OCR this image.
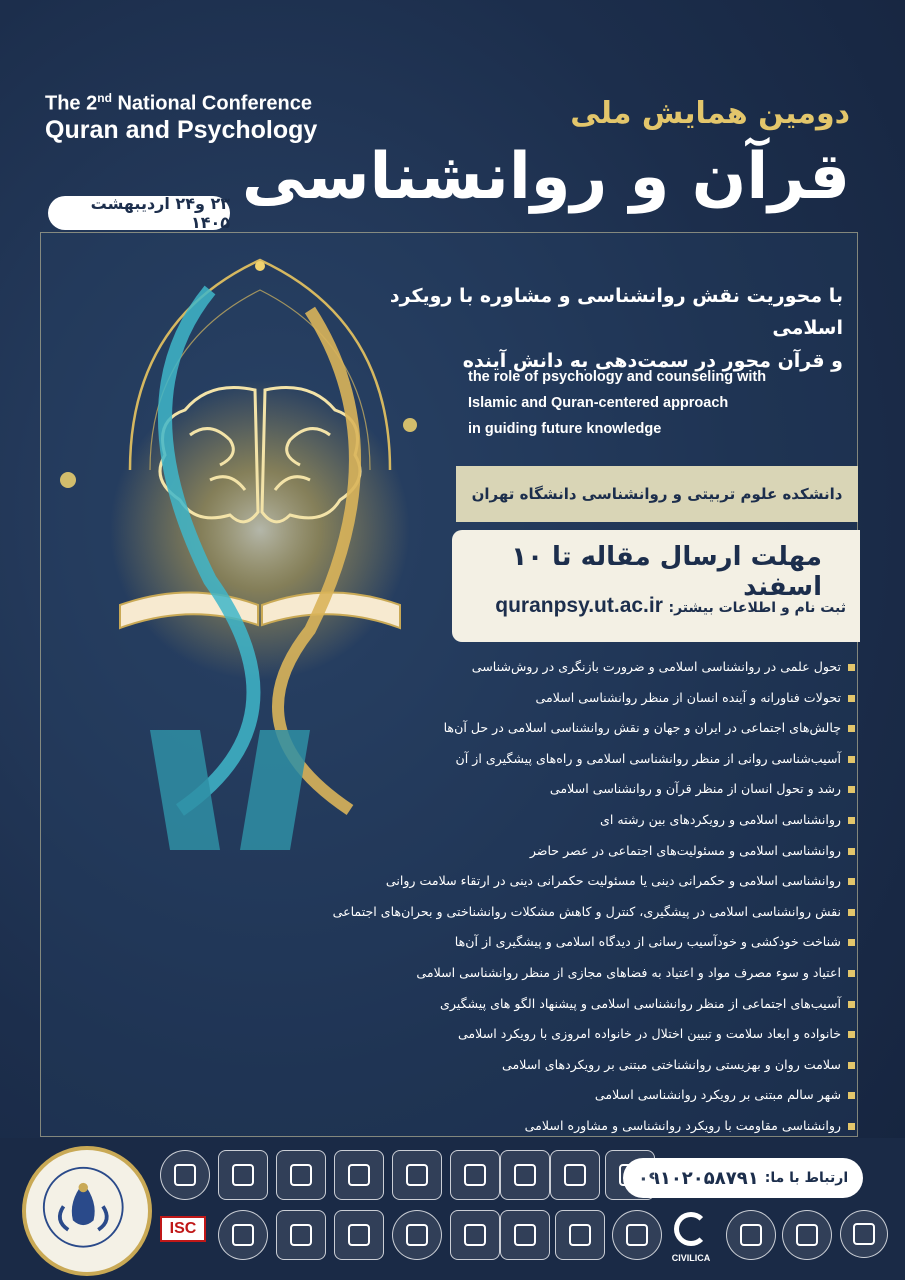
The 2nd National Conference
Quran and Psychology	دومین همایش ملی
قرآن و روانشناسی
۲۳ و۲۴ اردیبهشت ۱۴۰۵
با محوریت نقش روانشناسی و مشاوره با رویکرد اسلامی
و قرآن محور در سمت‌دهی به دانش آینده
the role of psychology and counseling with
Islamic and Quran-centered approach
in guiding future knowledge
دانشکده علوم تربیتی و روانشناسی دانشگاه تهران
مهلت ارسال مقاله تا ۱۰ اسفند
ثبت نام و اطلاعات بیشتر: quranpsy.ut.ac.ir
تحول علمی در روانشناسی اسلامی و ضرورت بازنگری در روش‌شناسی
تحولات فناورانه و آینده انسان از منظر روانشناسی اسلامی
چالش‌های اجتماعی در ایران و جهان و نقش روانشناسی اسلامی در حل آن‌ها
آسیب‌شناسی روانی از منظر روانشناسی اسلامی و راه‌های پیشگیری از آن
رشد و تحول انسان از منظر قرآن و روانشناسی اسلامی
روانشناسی اسلامی و رویکردهای بین رشته ای
روانشناسی اسلامی و مسئولیت‌های اجتماعی در عصر حاضر
روانشناسی اسلامی و حکمرانی دینی یا مسئولیت حکمرانی دینی در ارتقاء سلامت روانی
نقش روانشناسی اسلامی در پیشگیری، کنترل و کاهش مشکلات روانشناختی و بحران‌های اجتماعی
شناخت خودکشی و خودآسیب رسانی از دیدگاه اسلامی و پیشگیری از آن‌ها
اعتیاد و سوء مصرف مواد و اعتیاد به فضاهای مجازی از منظر روانشناسی اسلامی
آسیب‌های اجتماعی از منظر روانشناسی اسلامی و پیشنهاد الگو های پیشگیری
خانواده و ابعاد سلامت و تبیین اختلال در خانواده امروزی با رویکرد اسلامی
سلامت روان و بهزیستی روانشناختی مبتنی بر رویکردهای اسلامی
شهر سالم مبتنی بر رویکرد روانشناسی اسلامی
روانشناسی مقاومت با رویکرد روانشناسی و مشاوره اسلامی
ارتباط با ما:
۰۹۱۰۲۰۵۸۷۹۱
ISC
CIVILICA
